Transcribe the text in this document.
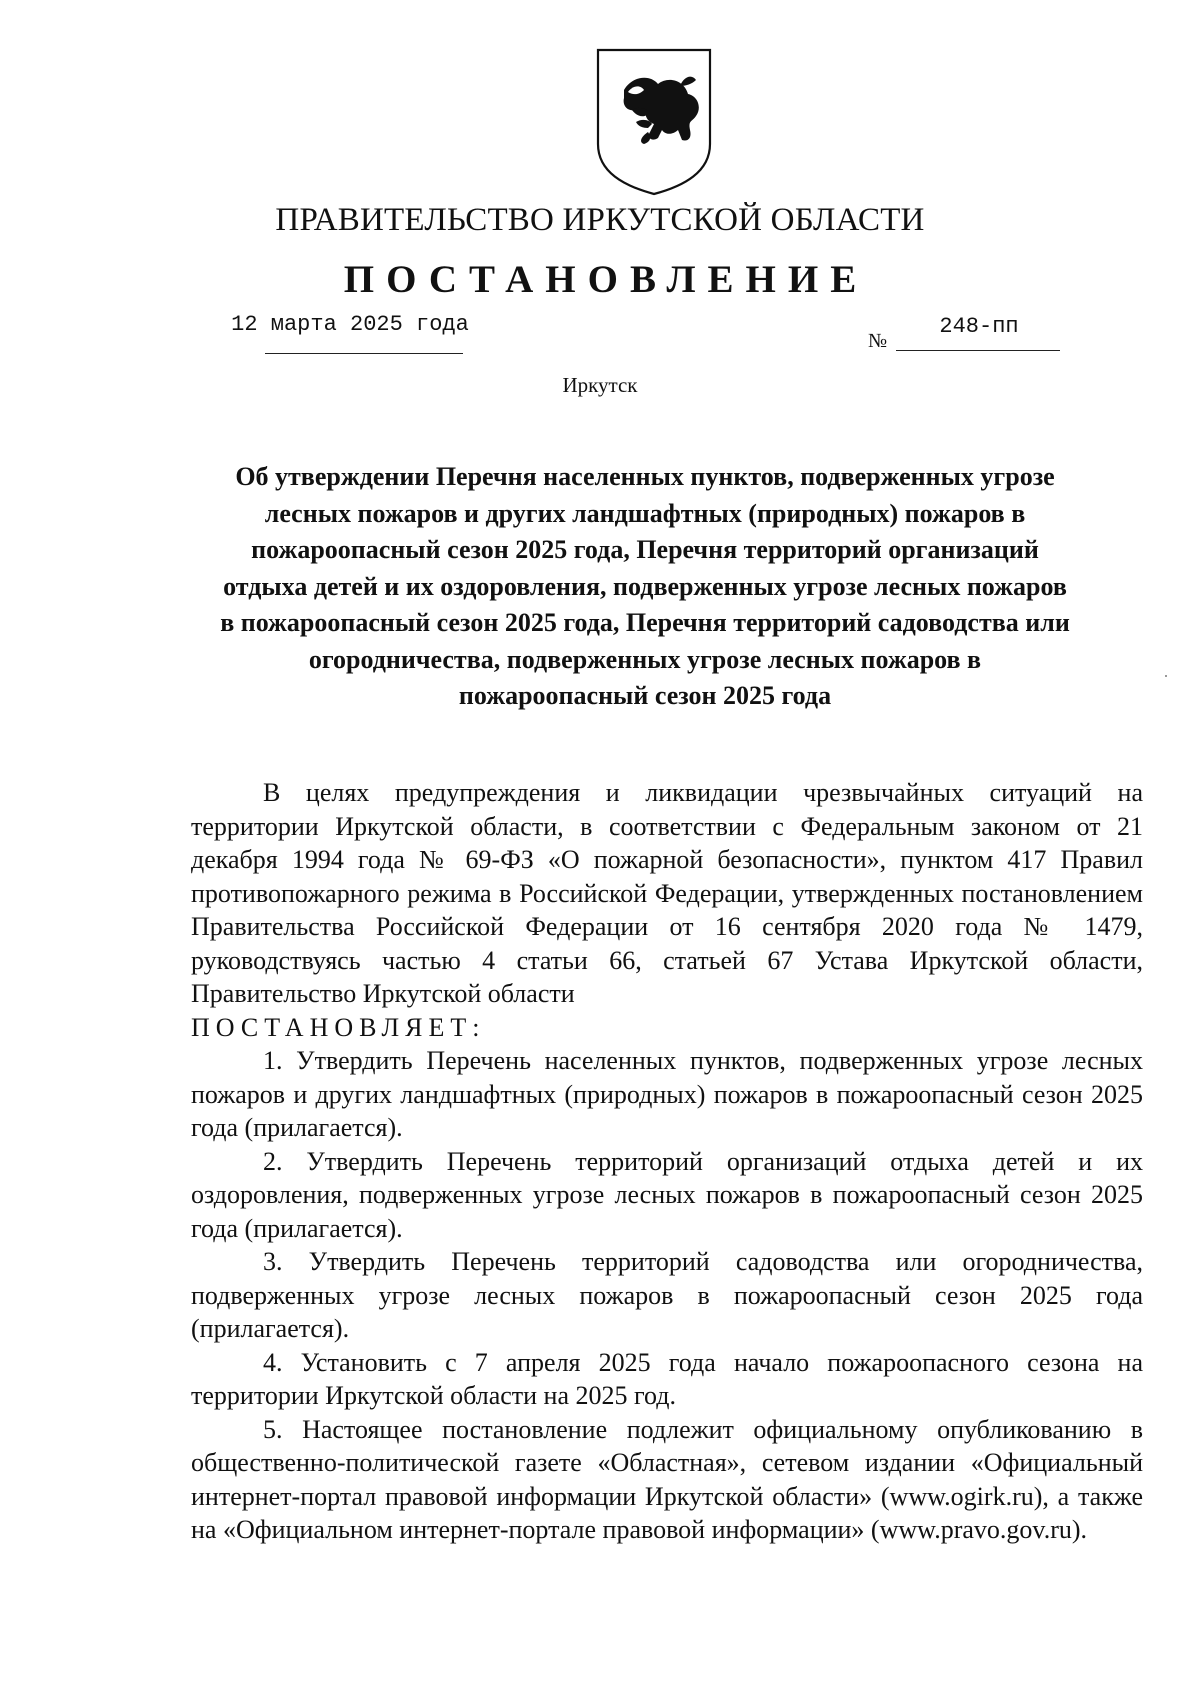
ПРАВИТЕЛЬСТВО ИРКУТСКОЙ ОБЛАСТИ
ПОСТАНОВЛЕНИЕ
12 марта 2025 года
№
248-пп
Иркутск
Об утверждении Перечня населенных пунктов, подверженных угрозе
лесных пожаров и других ландшафтных (природных) пожаров в
пожароопасный сезон 2025 года, Перечня территорий организаций
отдыха детей и их оздоровления, подверженных угрозе лесных пожаров
в пожароопасный сезон 2025 года, Перечня территорий садоводства или
огородничества, подверженных угрозе лесных пожаров в
пожароопасный сезон 2025 года

В целях предупреждения и ликвидации чрезвычайных ситуаций на территории Иркутской области, в соответствии с Федеральным законом от 21 декабря 1994 года № 69-ФЗ «О пожарной безопасности», пунктом 417 Правил противопожарного режима в Российской Федерации, утвержденных постановлением Правительства Российской Федерации от 16 сентября 2020 года № 1479, руководствуясь частью 4 статьи 66, статьей 67 Устава Иркутской области, Правительство Иркутской области

ПОСТАНОВЛЯЕТ:

1. Утвердить Перечень населенных пунктов, подверженных угрозе лесных пожаров и других ландшафтных (природных) пожаров в пожароопасный сезон 2025 года (прилагается).

2. Утвердить Перечень территорий организаций отдыха детей и их оздоровления, подверженных угрозе лесных пожаров в пожароопасный сезон 2025 года (прилагается).

3. Утвердить Перечень территорий садоводства или огородничества, подверженных угрозе лесных пожаров в пожароопасный сезон 2025 года (прилагается).

4. Установить с 7 апреля 2025 года начало пожароопасного сезона на территории Иркутской области на 2025 год.

5. Настоящее постановление подлежит официальному опубликованию в общественно-политической газете «Областная», сетевом издании «Официальный интернет-портал правовой информации Иркутской области» (www.ogirk.ru), а также на «Официальном интернет-портале правовой информации» (www.pravo.gov.ru).
